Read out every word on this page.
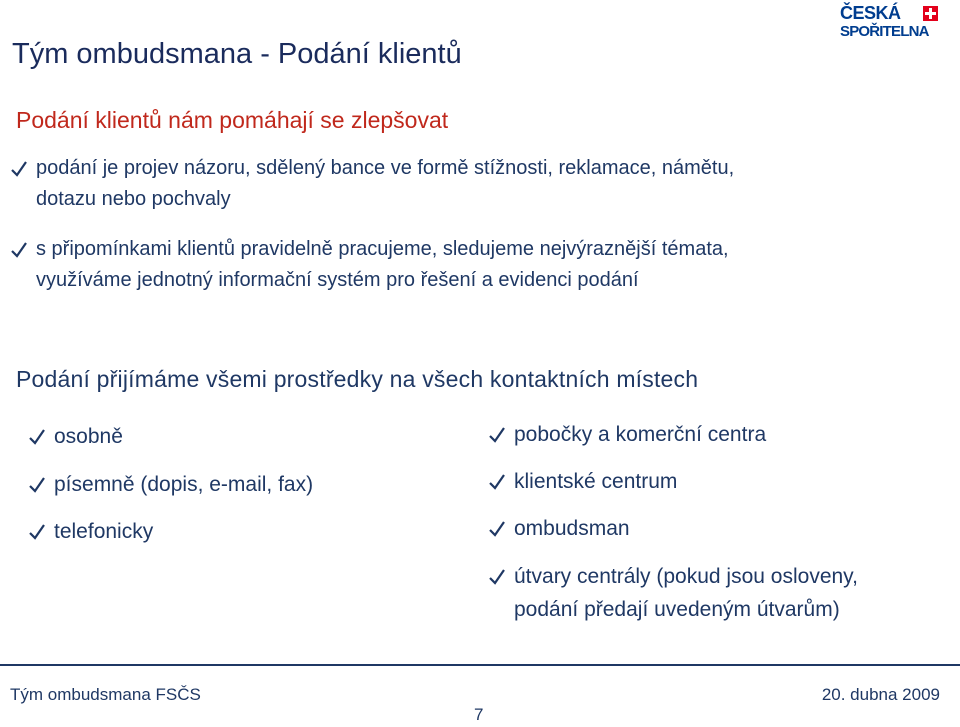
Tým ombudsmana - Podání klientů
ČESKÁ
SPOŘITELNA
Podání klientů nám pomáhají se zlepšovat
podání je projev názoru, sdělený bance ve formě stížnosti, reklamace, námětu,
dotazu nebo pochvaly
s připomínkami klientů pravidelně pracujeme, sledujeme nejvýraznější témata,
využíváme jednotný informační systém pro řešení a evidenci podání
Podání přijímáme všemi prostředky na všech kontaktních místech
osobně
písemně (dopis, e-mail, fax)
telefonicky
pobočky a komerční centra
klientské centrum
ombudsman
útvary centrály (pokud jsou osloveny,
podání předají uvedeným útvarům)
Tým ombudsmana FSČS	20. dubna 2009
7
